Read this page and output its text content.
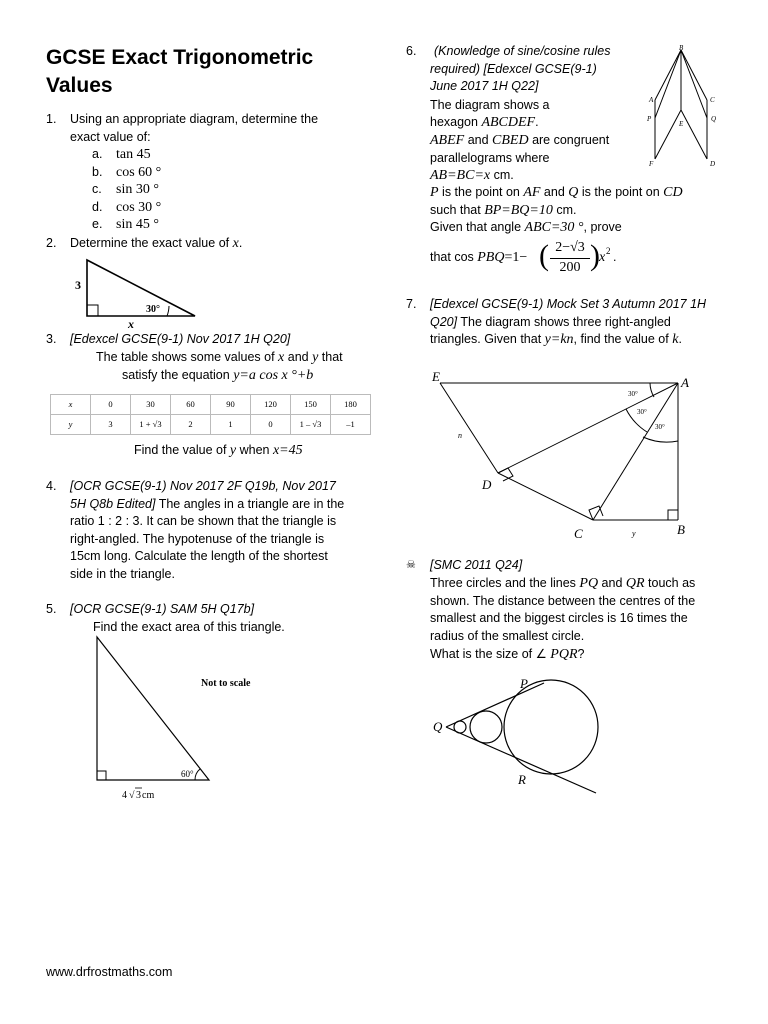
GCSE Exact Trigonometric Values
1. Using an appropriate diagram, determine the exact value of:
a. tan 45
b. cos 60 °
c. sin 30 °
d. cos 30 °
e. sin 45 °
2. Determine the exact value of x.
3
30°
x
3. [Edexcel GCSE(9-1) Nov 2017 1H Q20]
The table shows some values of x and y that
satisfy the equation y=a cos x °+b
x	0	30	60	90	120	150	180
y	3	1 + √3	2	1	0	1 – √3	–1
Find the value of y when x=45
4. [OCR GCSE(9-1) Nov 2017 2F Q19b, Nov 2017 5H Q8b Edited] The angles in a triangle are in the ratio 1 : 2 : 3. It can be shown that the triangle is right-angled. The hypotenuse of the triangle is 15cm long. Calculate the length of the shortest side in the triangle.
5. [OCR GCSE(9-1) SAM 5H Q17b]
Find the exact area of this triangle.
Not to scale
60°
4 √ 3 cm
6.	(Knowledge of sine/cosine rules required) [Edexcel GCSE(9-1) June 2017 1H Q22]
The diagram shows a
hexagon ABCDEF.
ABEF and CBED are congruent
parallelograms where
AB=BC=x cm.
P is the point on AF and Q is the point on CD
such that BP=BQ=10 cm.
Given that angle ABC=30 °, prove
that cos PBQ=1− ( 2−√3
200 ) x 2 .
B
A	C
P
E
Q
F	D
7. [Edexcel GCSE(9-1) Mock Set 3 Autumn 2017 1H Q20] The diagram shows three right-angled
triangles. Given that y=kn, find the value of k.
30°
30°
30°
E	A
D
C	B
n
y
☠ [SMC 2011 Q24]
Three circles and the lines PQ and QR touch as
shown. The distance between the centres of the
smallest and the biggest circles is 16 times the
radius of the smallest circle.
What is the size of ∠ PQR?
P
Q
R
www.drfrostmaths.com
